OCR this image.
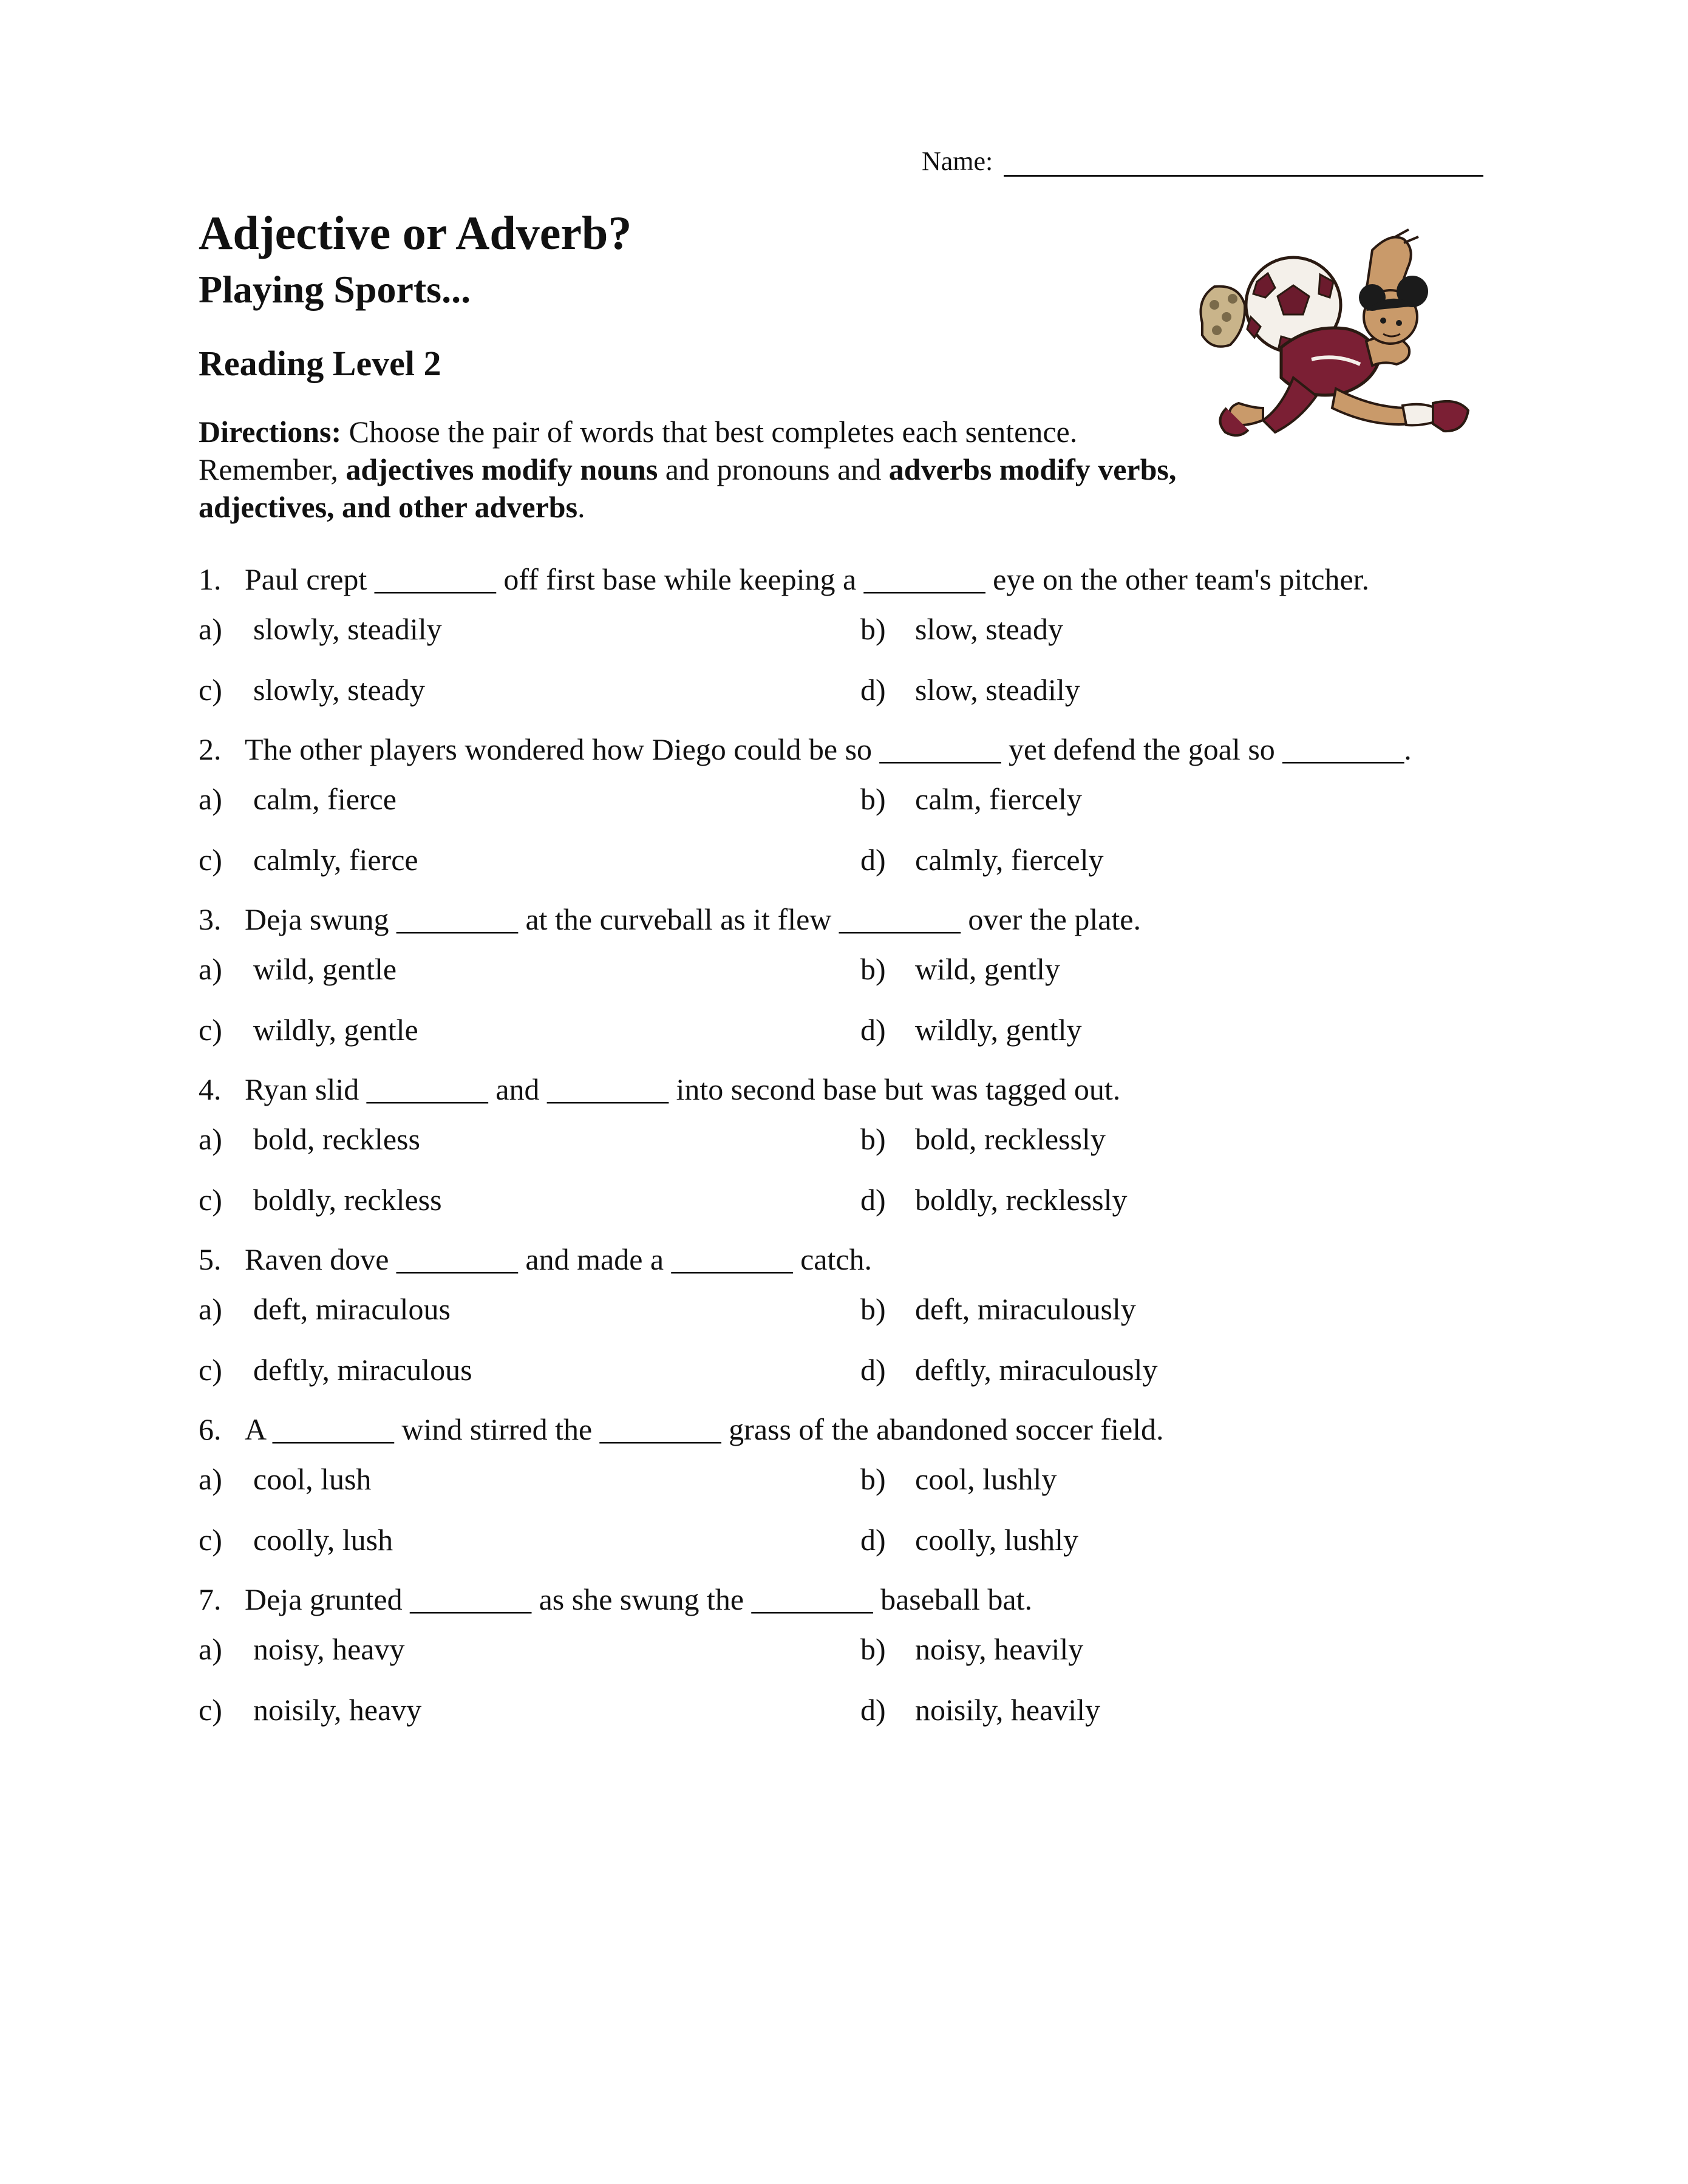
Name:
Adjective or Adverb?
Playing Sports...
Reading Level 2

Directions: Choose the pair of words that best completes each sentence. Remember, adjectives modify nouns and pronouns and adverbs modify verbs, adjectives, and other adverbs.

1. Paul crept ________ off first base while keeping a ________ eye on the other team's pitcher.
a)	slowly, steadily	b) slow, steady
c)	slowly, steady	d) slow, steadily
2. The other players wondered how Diego could be so ________ yet defend the goal so ________.
a)	calm, fierce	b) calm, fiercely
c)	calmly, fierce	d) calmly, fiercely
3. Deja swung ________ at the curveball as it flew ________ over the plate.
a)	wild, gentle	b) wild, gently
c)	wildly, gentle	d) wildly, gently
4. Ryan slid ________ and ________ into second base but was tagged out.
a)	bold, reckless	b) bold, recklessly
c)	boldly, reckless	d) boldly, recklessly
5. Raven dove ________ and made a ________ catch.
a)	deft, miraculous	b) deft, miraculously
c)	deftly, miraculous	d) deftly, miraculously
6. A ________ wind stirred the ________ grass of the abandoned soccer field.
a)	cool, lush	b) cool, lushly
c)	coolly, lush	d) coolly, lushly
7. Deja grunted ________ as she swung the ________ baseball bat.
a)	noisy, heavy	b) noisy, heavily
c)	noisily, heavy	d) noisily, heavily
